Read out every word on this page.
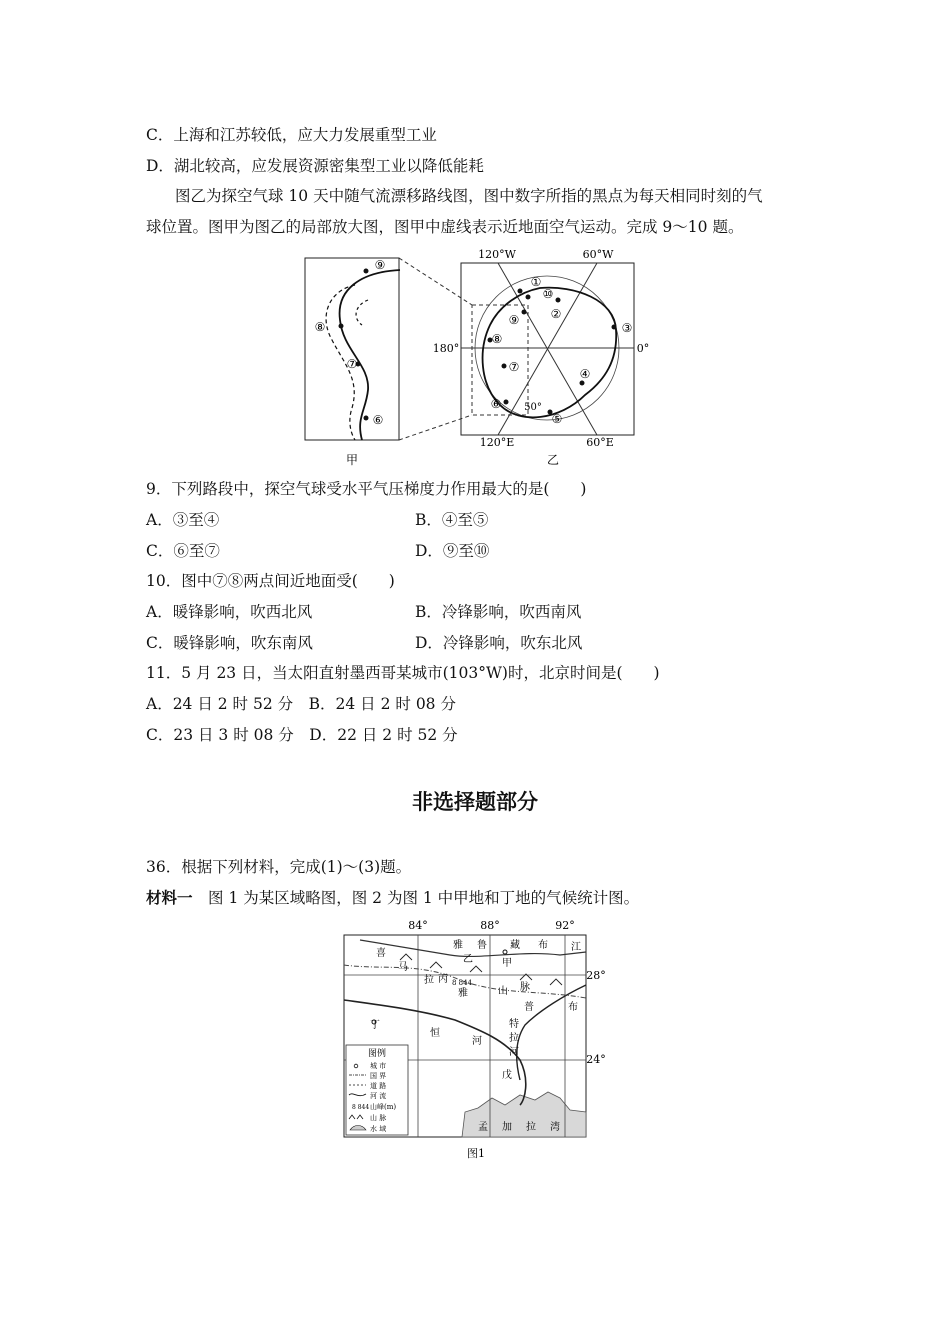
C．上海和江苏较低，应大力发展重型工业
D．湖北较高，应发展资源密集型工业以降低能耗
图乙为探空气球 10 天中随气流漂移路线图，图中数字所指的黑点为每天相同时刻的气
球位置。图甲为图乙的局部放大图，图甲中虚线表示近地面空气运动。完成 9～10 题。
⑨
⑧
⑦
⑥
甲
①
⑩
②
⑨
③
⑧
⑦	④
⑥
⑤
120°W	60°W
120°E	60°E
180°	0°
50°
乙
9．下列路段中，探空气球受水平气压梯度力作用最大的是(　　)
A．③至④	B．④至⑤
C．⑥至⑦	D．⑨至⑩
10．图中⑦⑧两点间近地面受(　　)
A．暖锋影响，吹西北风	B．冷锋影响，吹西南风
C．暖锋影响，吹东南风	D．冷锋影响，吹东北风
11．5 月 23 日，当太阳直射墨西哥某城市(103°W)时，北京时间是(　　)
A．24 日 2 时 52 分　B．24 日 2 时 08 分
C．23 日 3 时 08 分　D．22 日 2 时 52 分
非选择题部分
36．根据下列材料，完成(1)～(3)题。
材料一　图 1 为某区域略图，图 2 为图 1 中甲地和丁地的气候统计图。
84°	88°	92°
28°
24°
雅 鲁 藏 布 江
喜
马
拉
雅	山 脉
8 844
甲
乙
丙
丁
戊
恒
河
特
拉
河
布
普
孟 加 拉 湾
图例
城 市
国 界
道 路
河 流
山峰(m)
山 脉
水 域
8 844
图1
